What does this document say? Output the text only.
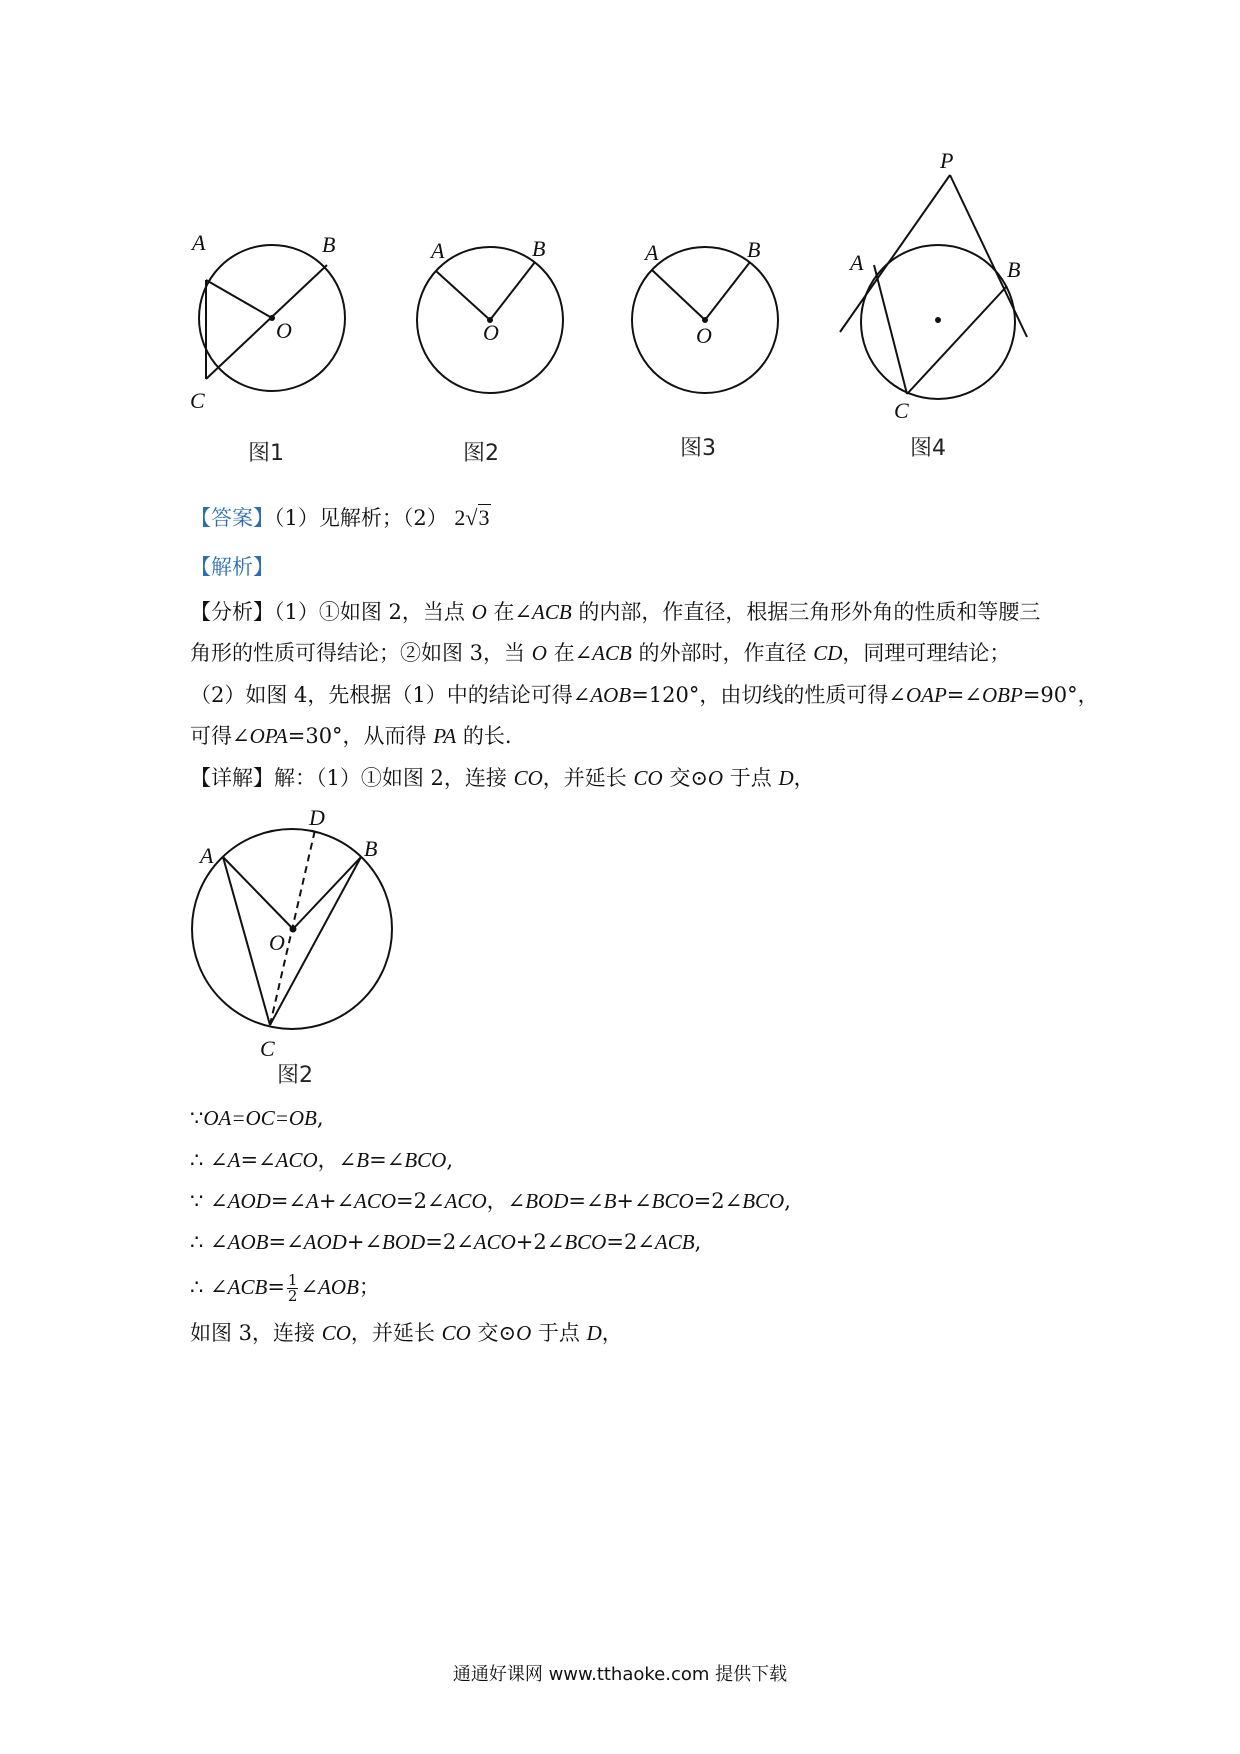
A	B
O
C
图1
A	B
O
图2
A	B
O
图3
P
A	B
C
图4
【答案】（1）见解析；（2） 2√3
【解析】
【分析】（1）①如图 2，当点 O 在∠ACB 的内部，作直径，根据三角形外角的性质和等腰三
角形的性质可得结论；②如图 3，当 O 在∠ACB 的外部时，作直径 CD，同理可理结论；
（2）如图 4，先根据（1）中的结论可得∠AOB=120°，由切线的性质可得∠OAP=∠OBP=90°，
可得∠OPA=30°，从而得 PA 的长.
【详解】解：（1）①如图 2，连接 CO，并延长 CO 交⊙O 于点 D，
D
A	B
O
C
图2
∵OA=OC=OB,
∴ ∠A=∠ACO，∠B=∠BCO,
∵ ∠AOD=∠A+∠ACO=2∠ACO，∠BOD=∠B+∠BCO=2∠BCO,
∴ ∠AOB=∠AOD+∠BOD=2∠ACO+2∠BCO=2∠ACB,
∴ ∠ACB= $\frac{1}{2}$ ∠AOB；
如图 3，连接 CO，并延长 CO 交⊙O 于点 D，
通通好课网 www.tthaoke.com 提供下载
